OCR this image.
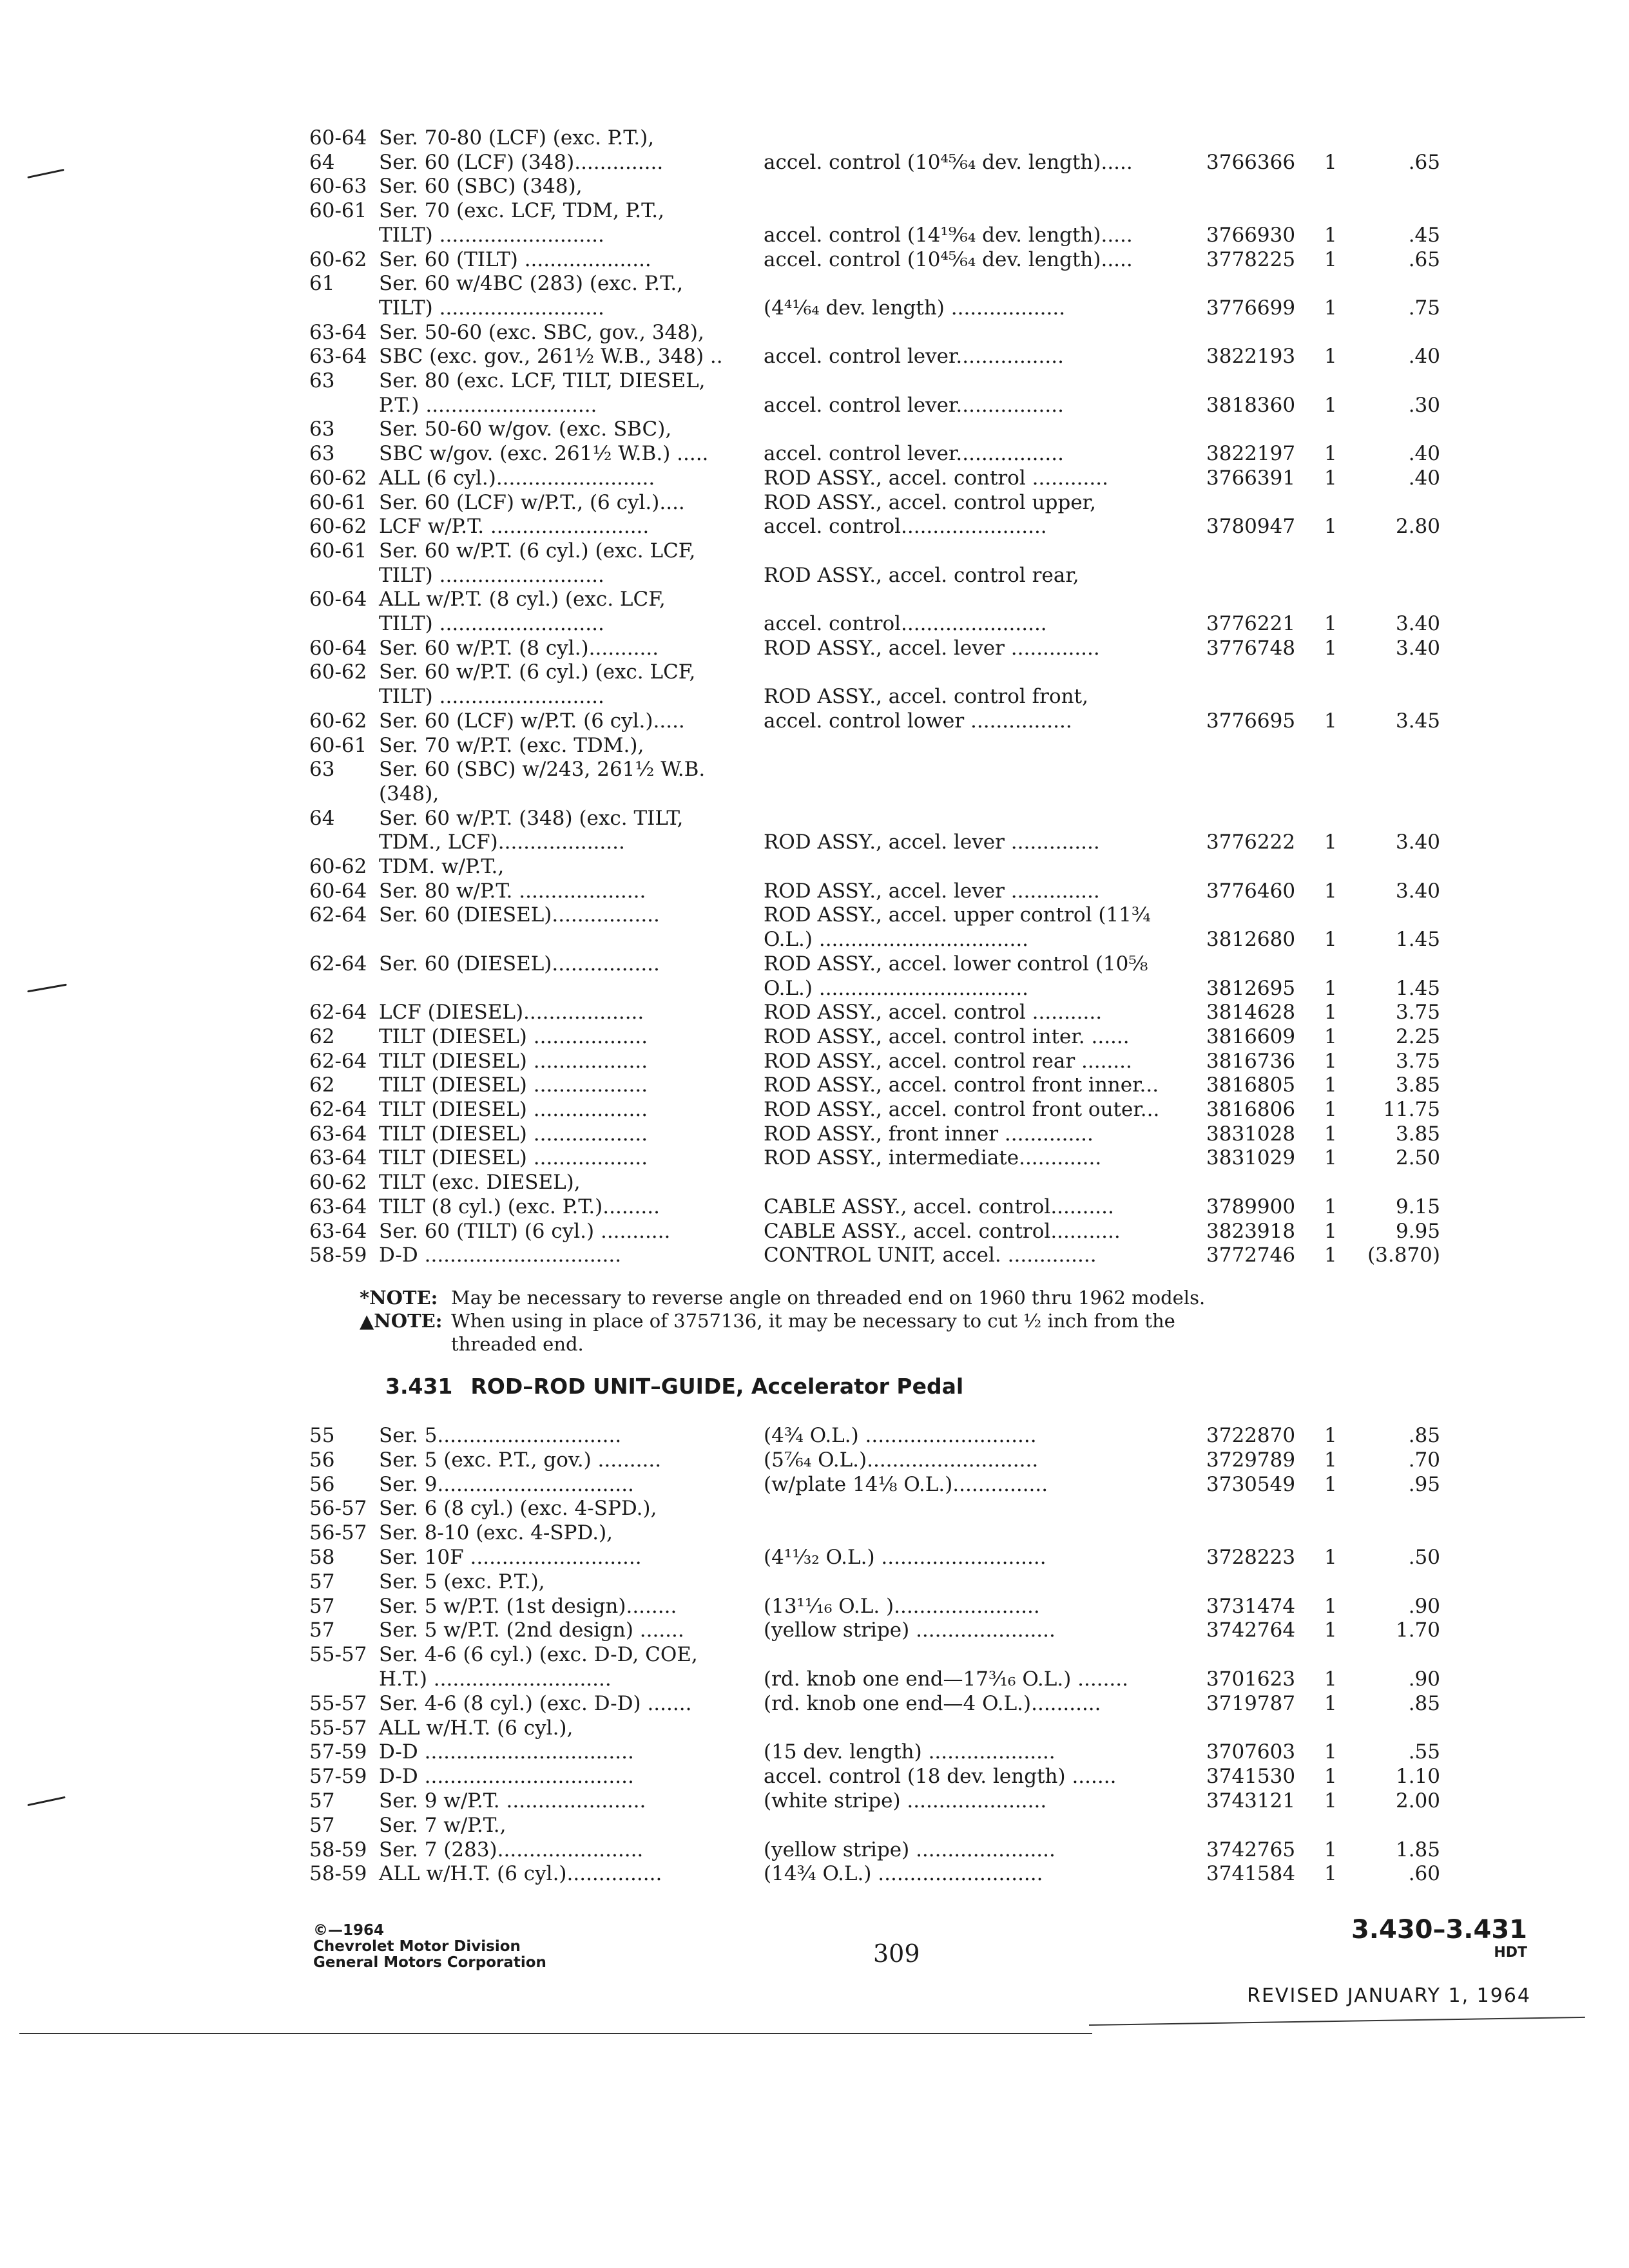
60-64 Ser. 70-80 (LCF) (exc. P.T.),
64 Ser. 60 (LCF) (348)..............	accel. control (10⁴⁵⁄₆₄ dev. length).....	3766366 1	.65
60-63 Ser. 60 (SBC) (348),
60-61 Ser. 70 (exc. LCF, TDM, P.T.,
TILT) ..........................	accel. control (14¹⁹⁄₆₄ dev. length).....	3766930 1	.45
60-62 Ser. 60 (TILT) ....................	accel. control (10⁴⁵⁄₆₄ dev. length).....	3778225 1	.65
61 Ser. 60 w/4BC (283) (exc. P.T.,
TILT) ..........................	(4⁴¹⁄₆₄ dev. length) ..................	3776699 1	.75
63-64 Ser. 50-60 (exc. SBC, gov., 348),
63-64 SBC (exc. gov., 261½ W.B., 348) .. accel. control lever.................	3822193 1	.40
63 Ser. 80 (exc. LCF, TILT, DIESEL,
P.T.) ...........................	accel. control lever.................	3818360 1	.30
63 Ser. 50-60 w/gov. (exc. SBC),
63 SBC w/gov. (exc. 261½ W.B.) .....	accel. control lever.................	3822197 1	.40
60-62 ALL (6 cyl.).........................	ROD ASSY., accel. control ............	3766391 1	.40
60-61 Ser. 60 (LCF) w/P.T., (6 cyl.)....	ROD ASSY., accel. control upper,
60-62 LCF w/P.T. .........................	accel. control.......................	3780947 1	2.80
60-61 Ser. 60 w/P.T. (6 cyl.) (exc. LCF,
TILT) ..........................	ROD ASSY., accel. control rear,
60-64 ALL w/P.T. (8 cyl.) (exc. LCF,
TILT) ..........................	accel. control.......................	3776221 1	3.40
60-64 Ser. 60 w/P.T. (8 cyl.)...........	ROD ASSY., accel. lever ..............	3776748 1	3.40
60-62 Ser. 60 w/P.T. (6 cyl.) (exc. LCF,
TILT) ..........................	ROD ASSY., accel. control front,
60-62 Ser. 60 (LCF) w/P.T. (6 cyl.).....	accel. control lower ................	3776695 1	3.45
60-61 Ser. 70 w/P.T. (exc. TDM.),
63 Ser. 60 (SBC) w/243, 261½ W.B.
(348),
64 Ser. 60 w/P.T. (348) (exc. TILT,
TDM., LCF)....................	ROD ASSY., accel. lever ..............	3776222 1	3.40
60-62 TDM. w/P.T.,
60-64 Ser. 80 w/P.T. ....................	ROD ASSY., accel. lever ..............	3776460 1	3.40
62-64 Ser. 60 (DIESEL).................	ROD ASSY., accel. upper control (11¾
O.L.) .................................	3812680 1	1.45
62-64 Ser. 60 (DIESEL).................	ROD ASSY., accel. lower control (10⅝
O.L.) .................................	3812695 1	1.45
62-64 LCF (DIESEL)...................	ROD ASSY., accel. control ...........	3814628 1	3.75
62 TILT (DIESEL) ..................	ROD ASSY., accel. control inter. ......	3816609 1	2.25
62-64 TILT (DIESEL) ..................	ROD ASSY., accel. control rear ........	3816736 1	3.75
62 TILT (DIESEL) ..................	ROD ASSY., accel. control front inner... 3816805 1	3.85
62-64 TILT (DIESEL) ..................	ROD ASSY., accel. control front outer... 3816806 1	11.75
63-64 TILT (DIESEL) ..................	ROD ASSY., front inner ..............	3831028 1	3.85
63-64 TILT (DIESEL) ..................	ROD ASSY., intermediate.............	3831029 1	2.50
60-62 TILT (exc. DIESEL),
63-64 TILT (8 cyl.) (exc. P.T.).........	CABLE ASSY., accel. control..........	3789900 1	9.15
63-64 Ser. 60 (TILT) (6 cyl.) ...........	CABLE ASSY., accel. control...........	3823918 1	9.95
58-59 D-D ...............................	CONTROL UNIT, accel. ..............	3772746 1 (3.870)
*NOTE: May be necessary to reverse angle on threaded end on 1960 thru 1962 models.
▲NOTE: When using in place of 3757136, it may be necessary to cut ½ inch from the
threaded end.
3.431 ROD–ROD UNIT–GUIDE, Accelerator Pedal
55 Ser. 5.............................	(4¾ O.L.) ...........................	3722870 1	.85
56 Ser. 5 (exc. P.T., gov.) ..........	(5⁷⁄₆₄ O.L.)...........................	3729789 1	.70
56 Ser. 9...............................	(w/plate 14⅛ O.L.)...............	3730549 1	.95
56-57 Ser. 6 (8 cyl.) (exc. 4-SPD.),
56-57 Ser. 8-10 (exc. 4-SPD.),
58 Ser. 10F ...........................	(4¹¹⁄₃₂ O.L.) ..........................	3728223 1	.50
57 Ser. 5 (exc. P.T.),
57 Ser. 5 w/P.T. (1st design)........	(13¹¹⁄₁₆ O.L. ).......................	3731474 1	.90
57 Ser. 5 w/P.T. (2nd design) .......	(yellow stripe) ......................	3742764 1	1.70
55-57 Ser. 4-6 (6 cyl.) (exc. D-D, COE,
H.T.) ............................	(rd. knob one end—17³⁄₁₆ O.L.) ........	3701623 1	.90
55-57 Ser. 4-6 (8 cyl.) (exc. D-D) .......	(rd. knob one end—4 O.L.)...........	3719787 1	.85
55-57 ALL w/H.T. (6 cyl.),
57-59 D-D .................................	(15 dev. length) ....................	3707603 1	.55
57-59 D-D .................................	accel. control (18 dev. length) .......	3741530 1	1.10
57 Ser. 9 w/P.T. ......................	(white stripe) ......................	3743121 1	2.00
57 Ser. 7 w/P.T.,
58-59 Ser. 7 (283).......................	(yellow stripe) ......................	3742765 1	1.85
58-59 ALL w/H.T. (6 cyl.)...............	(14¾ O.L.) ..........................	3741584 1	.60
©—1964
Chevrolet Motor Division
General Motors Corporation	309
3.430–3.431
HDT
REVISED JANUARY 1, 1964
